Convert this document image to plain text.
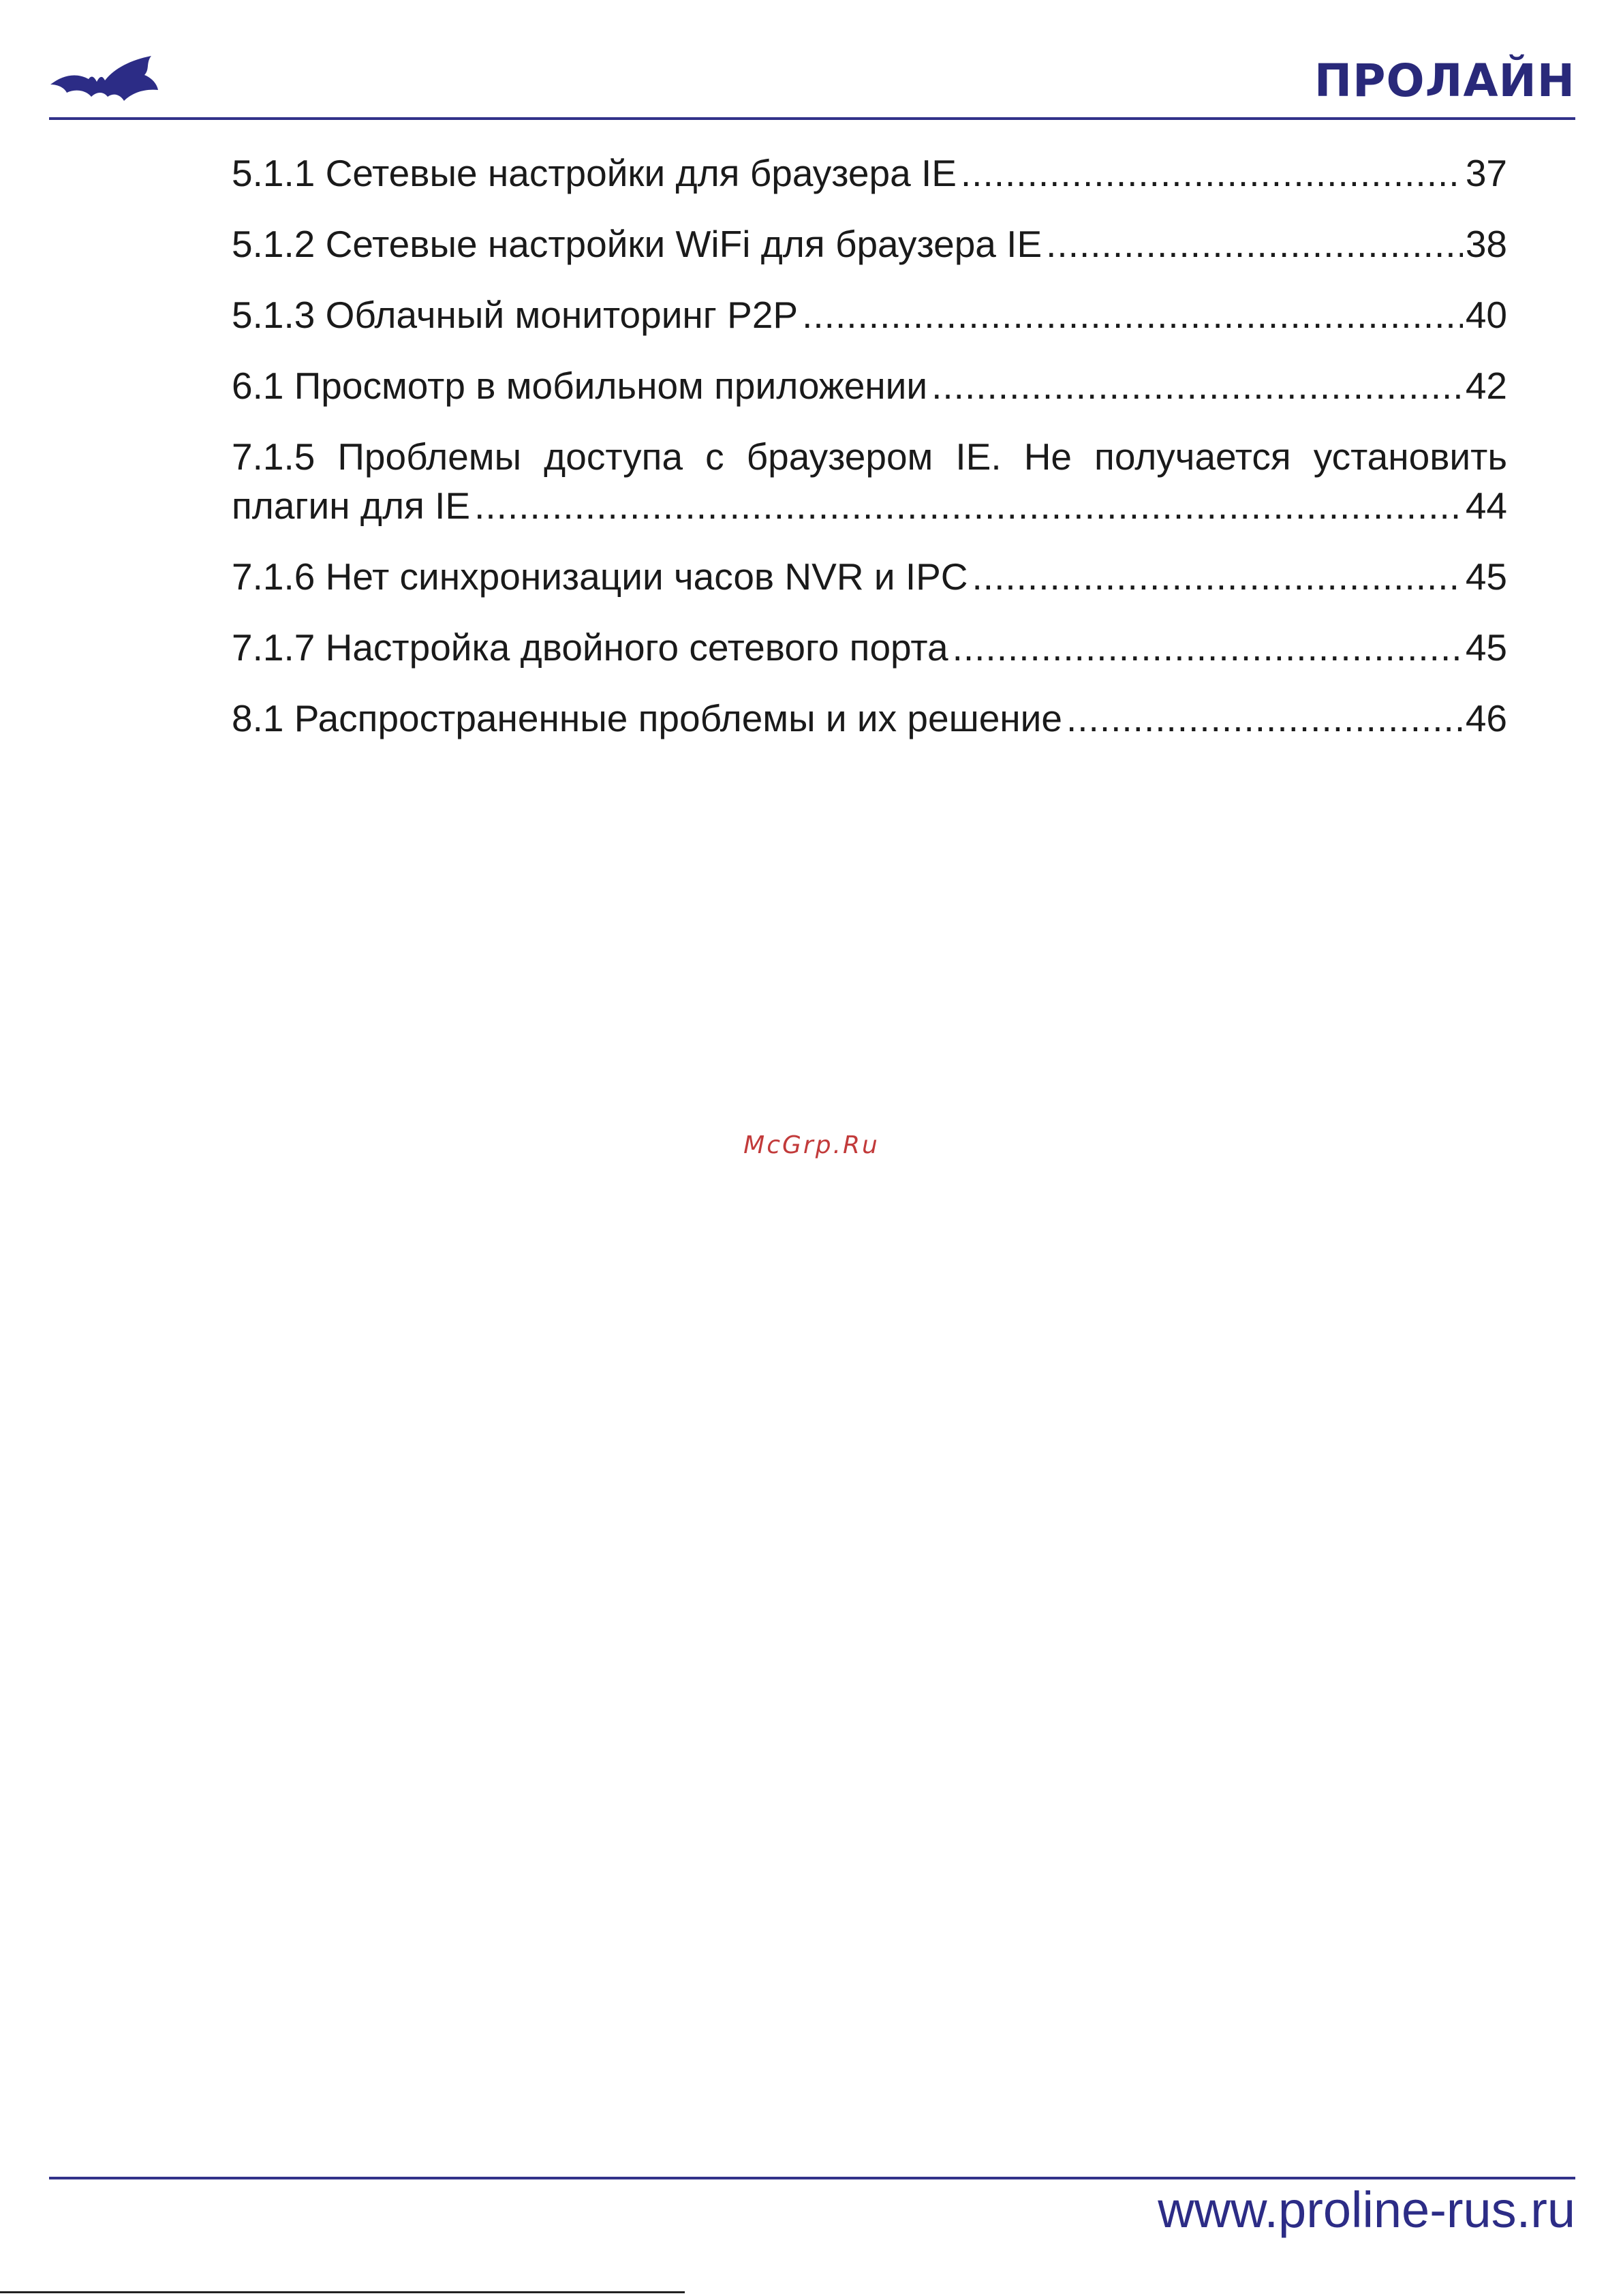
ПРОЛАЙН
5.1.1 Сетевые настройки для браузера IE .....	37
5.1.2 Сетевые настройки WiFi для браузера IE .....	38
5.1.3 Облачный мониторинг P2P .....	40
6.1 Просмотр в мобильном приложении .....	42
7.1.5 Проблемы доступа с браузером IE. Не получается установить
плагин для IE .....	44
7.1.6 Нет синхронизации часов NVR и IPC .....	45
7.1.7 Настройка двойного сетевого порта .....	45
8.1 Распространенные проблемы и их решение .....	46
McGrp.Ru
www.proline-rus.ru
